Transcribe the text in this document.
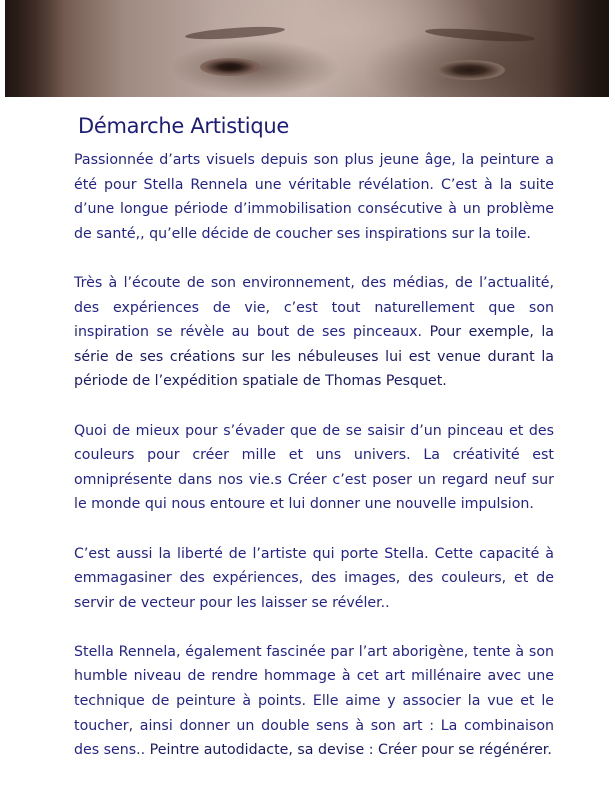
Démarche Artistique

Passionnée d’arts visuels depuis son plus jeune âge, la peinture a été pour Stella Rennela une véritable révélation. C’est à la suite d’une longue période d’immobilisation consécutive à un problème de santé,, qu’elle décide de coucher ses inspirations sur la toile.

Très à l’écoute de son environnement, des médias, de l’actualité, des expériences de vie, c’est tout naturellement que son inspiration se révèle au bout de ses pinceaux. Pour exemple, la série de ses créations sur les nébuleuses lui est venue durant la période de l’expédition spatiale de Thomas Pesquet.

Quoi de mieux pour s’évader que de se saisir d’un pinceau et des couleurs pour créer mille et uns univers. La créativité est omniprésente dans nos vie.s Créer c’est poser un regard neuf sur le monde qui nous entoure et lui donner une nouvelle impulsion.

C’est aussi la liberté de l’artiste qui porte Stella. Cette capacité à emmagasiner des expériences, des images, des couleurs, et de servir de vecteur pour les laisser se révéler..

Stella Rennela, également fascinée par l’art aborigène, tente à son humble niveau de rendre hommage à cet art millénaire avec une technique de peinture à points. Elle aime y associer la vue et le toucher, ainsi donner un double sens à son art : La combinaison des sens.. Peintre autodidacte, sa devise : Créer pour se régénérer.
